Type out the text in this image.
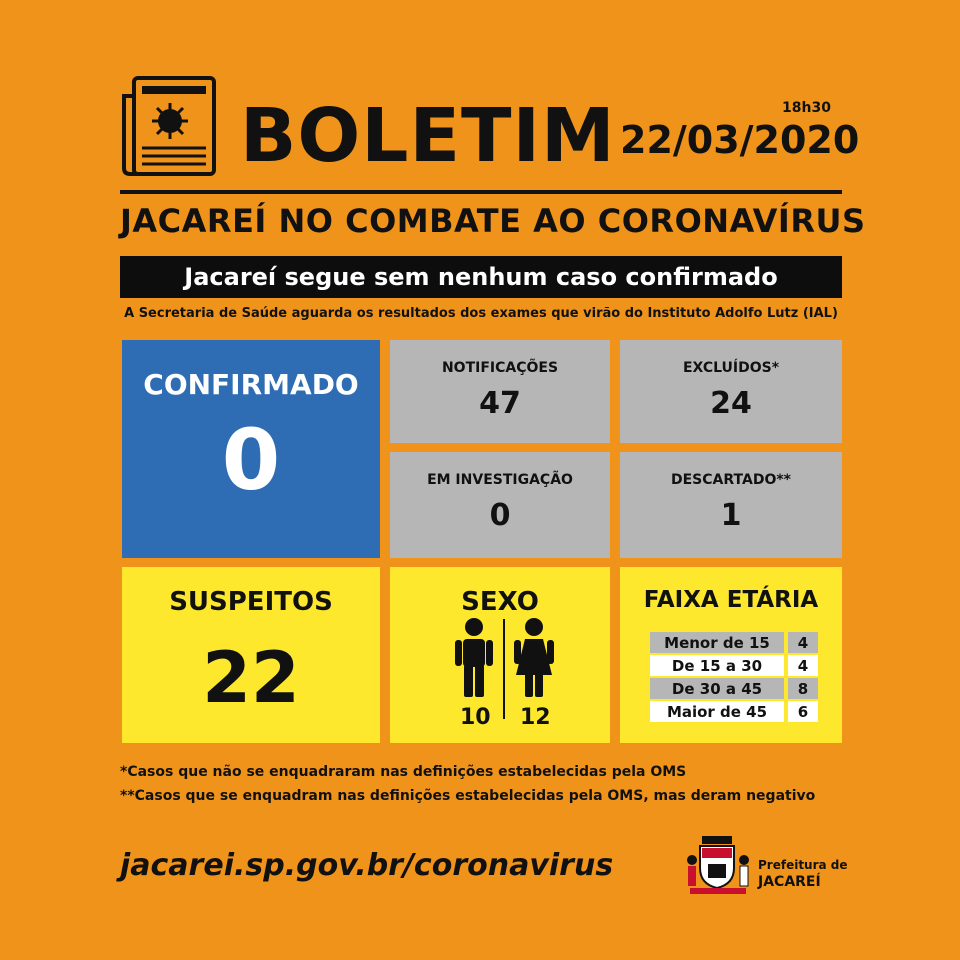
BOLETIM	18h30
22/03/2020
JACAREÍ NO COMBATE AO CORONAVÍRUS
Jacareí segue sem nenhum caso confirmado
A Secretaria de Saúde aguarda os resultados dos exames que virão do Instituto Adolfo Lutz (IAL)
CONFIRMADO
0
NOTIFICAÇÕES
47
EXCLUÍDOS*
24
EM INVESTIGAÇÃO
0
DESCARTADO**
1
SUSPEITOS
22
SEXO
10 12
FAIXA ETÁRIA
Menor de 15	4
De 15 a 30	4
De 30 a 45	8
Maior de 45	6
*Casos que não se enquadraram nas definições estabelecidas pela OMS
**Casos que se enquadram nas definições estabelecidas pela OMS, mas deram negativo
jacarei.sp.gov.br/coronavirus	Prefeitura de
JACAREÍ
